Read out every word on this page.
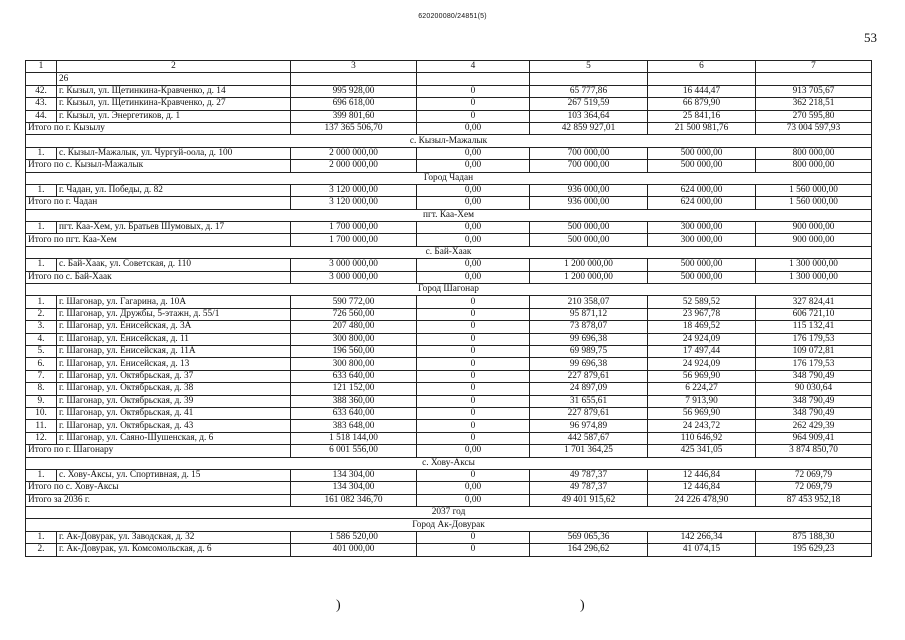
620200080/24851(5)
53
1	2	3	4	5	6	7
	26					
42.	г. Кызыл, ул. Щетинкина-Кравченко, д. 14	995 928,00	0	65 777,86	16 444,47	913 705,67
43.	г. Кызыл, ул. Щетинкина-Кравченко, д. 27	696 618,00	0	267 519,59	66 879,90	362 218,51
44.	г. Кызыл, ул. Энергетиков, д. 1	399 801,60	0	103 364,64	25 841,16	270 595,80
Итого по г. Кызылу		137 365 506,70	0,00	42 859 927,01	21 500 981,76	73 004 597,93
с. Кызыл-Мажалык						
1.	с. Кызыл-Мажалык, ул. Чургуй-оола, д. 100	2 000 000,00	0,00	700 000,00	500 000,00	800 000,00
Итого по с. Кызыл-Мажалык		2 000 000,00	0,00	700 000,00	500 000,00	800 000,00
Город Чадан						
1.	г. Чадан, ул. Победы, д. 82	3 120 000,00	0,00	936 000,00	624 000,00	1 560 000,00
Итого по г. Чадан		3 120 000,00	0,00	936 000,00	624 000,00	1 560 000,00
пгт. Каа-Хем						
1.	пгт. Каа-Хем, ул. Братьев Шумовых, д. 17	1 700 000,00	0,00	500 000,00	300 000,00	900 000,00
Итого по пгт. Каа-Хем		1 700 000,00	0,00	500 000,00	300 000,00	900 000,00
с. Бай-Хаак						
1.	с. Бай-Хаак, ул. Советская, д. 110	3 000 000,00	0,00	1 200 000,00	500 000,00	1 300 000,00
Итого по с. Бай-Хаак		3 000 000,00	0,00	1 200 000,00	500 000,00	1 300 000,00
Город Шагонар						
1.	г. Шагонар, ул. Гагарина, д. 10А	590 772,00	0	210 358,07	52 589,52	327 824,41
2.	г. Шагонар, ул. Дружбы, 5-этажн, д. 55/1	726 560,00	0	95 871,12	23 967,78	606 721,10
3.	г. Шагонар, ул. Енисейская, д. 3А	207 480,00	0	73 878,07	18 469,52	115 132,41
4.	г. Шагонар, ул. Енисейская, д. 11	300 800,00	0	99 696,38	24 924,09	176 179,53
5.	г. Шагонар, ул. Енисейская, д. 11А	196 560,00	0	69 989,75	17 497,44	109 072,81
6.	г. Шагонар, ул. Енисейская, д. 13	300 800,00	0	99 696,38	24 924,09	176 179,53
7.	г. Шагонар, ул. Октябрьская, д. 37	633 640,00	0	227 879,61	56 969,90	348 790,49
8.	г. Шагонар, ул. Октябрьская, д. 38	121 152,00	0	24 897,09	6 224,27	90 030,64
9.	г. Шагонар, ул. Октябрьская, д. 39	388 360,00	0	31 655,61	7 913,90	348 790,49
10.	г. Шагонар, ул. Октябрьская, д. 41	633 640,00	0	227 879,61	56 969,90	348 790,49
11.	г. Шагонар, ул. Октябрьская, д. 43	383 648,00	0	96 974,89	24 243,72	262 429,39
12.	г. Шагонар, ул. Саяно-Шушенская, д. 6	1 518 144,00	0	442 587,67	110 646,92	964 909,41
Итого по г. Шагонару		6 001 556,00	0,00	1 701 364,25	425 341,05	3 874 850,70
с. Хову-Аксы						
1.	с. Хову-Аксы, ул. Спортивная, д. 15	134 304,00	0	49 787,37	12 446,84	72 069,79
Итого по с. Хову-Аксы		134 304,00	0,00	49 787,37	12 446,84	72 069,79
Итого за 2036 г.		161 082 346,70	0,00	49 401 915,62	24 226 478,90	87 453 952,18
2037 год						
Город Ак-Довурак						
1.	г. Ак-Довурак, ул. Заводская, д. 32	1 586 520,00	0	569 065,36	142 266,34	875 188,30
2.	г. Ак-Довурак, ул. Комсомольская, д. 6	401 000,00	0	164 296,62	41 074,15	195 629,23
)	)
